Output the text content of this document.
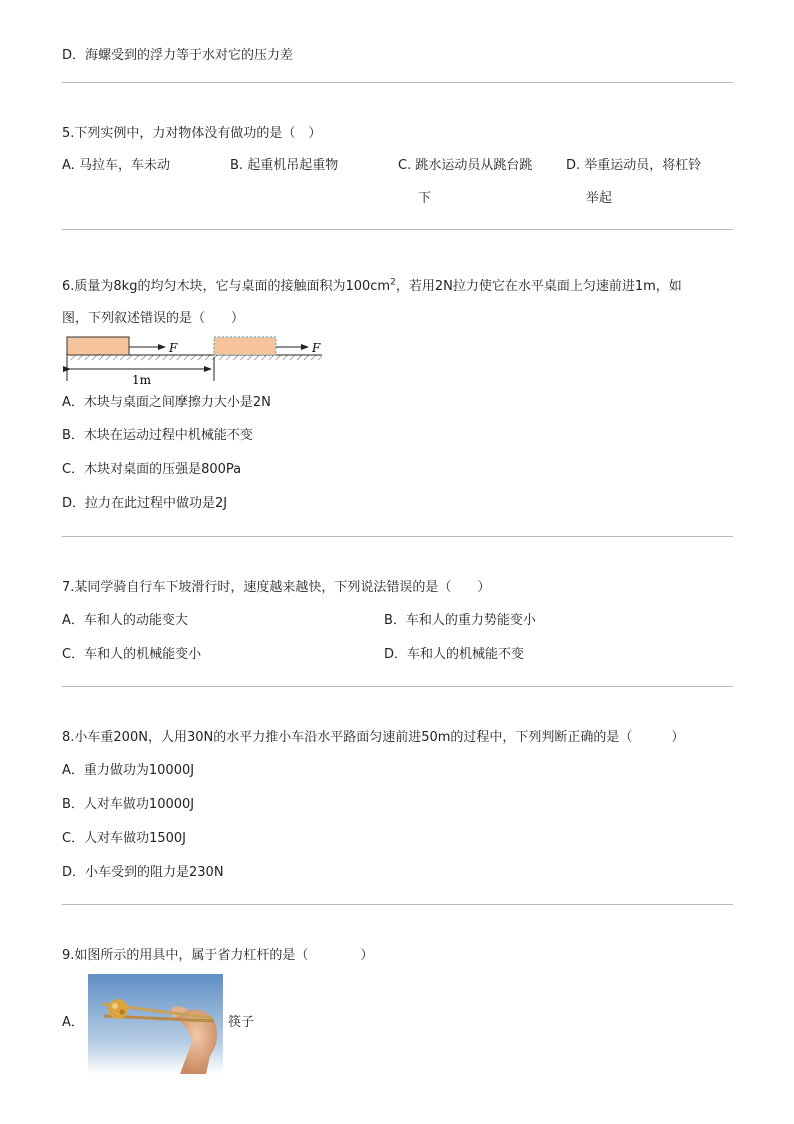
D．海螺受到的浮力等于水对它的压力差
5.下列实例中，力对物体没有做功的是（　）
A. 马拉车，车未动	B. 起重机吊起重物	C. 跳水运动员从跳台跳
下
D. 举重运动员，将杠铃
举起
6.质量为8kg的均匀木块，它与桌面的接触面积为$100cm^2$，若用2N拉力使它在水平桌面上匀速前进1m，如
图，下列叙述错误的是（　　）
F	F
1m
A．木块与桌面之间摩擦力大小是2N
B．木块在运动过程中机械能不变
C．木块对桌面的压强是800Pa
D．拉力在此过程中做功是2J
7.某同学骑自行车下坡滑行时，速度越来越快，下列说法错误的是（　　）
A．车和人的动能变大	B．车和人的重力势能变小
C．车和人的机械能变小	D．车和人的机械能不变
8.小车重200N，人用30N的水平力推小车沿水平路面匀速前进50m的过程中，下列判断正确的是（　　　）
A．重力做功为10000J
B．人对车做功10000J
C．人对车做功1500J
D．小车受到的阻力是230N
9.如图所示的用具中，属于省力杠杆的是（　　　　）
A．	筷子
